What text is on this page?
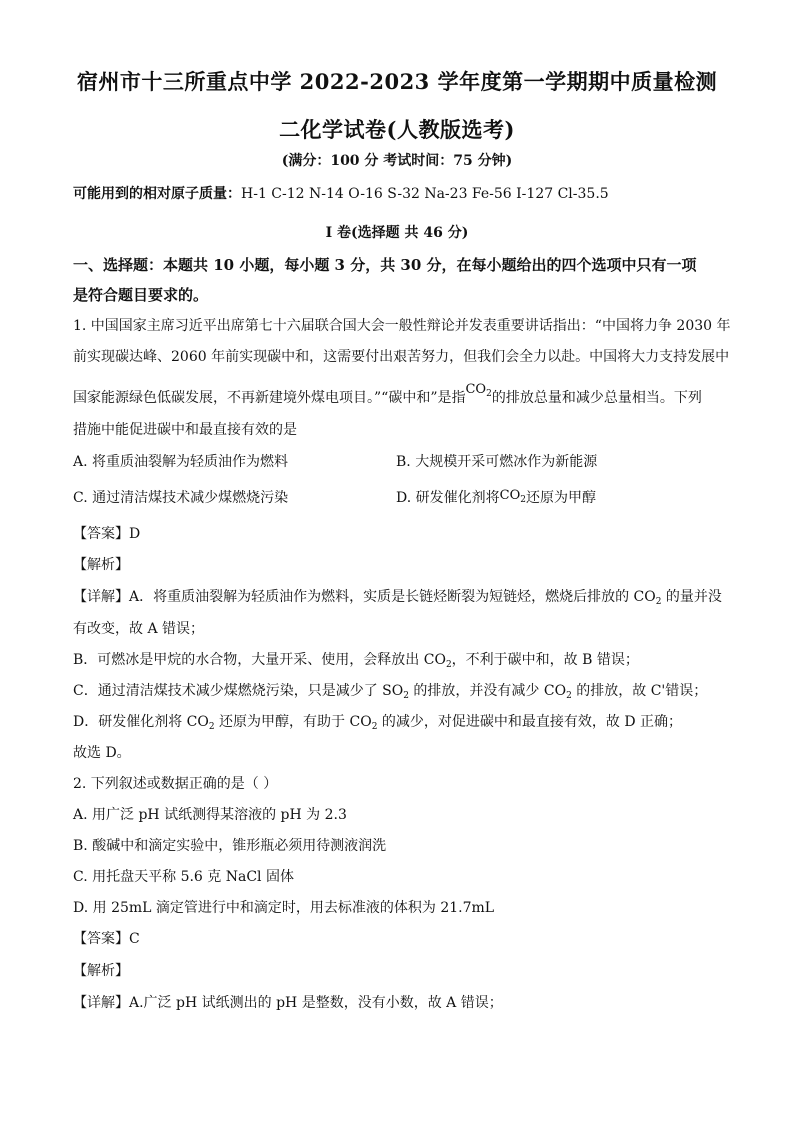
宿州市十三所重点中学 2022-2023 学年度第一学期期中质量检测
二化学试卷(人教版选考)
(满分：100 分 考试时间：75 分钟)
可能用到的相对原子质量：H-1 C-12 N-14 O-16 S-32 Na-23 Fe-56 I-127 Cl-35.5
I 卷(选择题 共 46 分)
一、选择题：本题共 10 小题，每小题 3 分，共 30 分，在每小题给出的四个选项中只有一项
是符合题目要求的。
1. 中国国家主席习近平出席第七十六届联合国大会一般性辩论并发表重要讲话指出：“中国将力争 2030 年
前实现碳达峰、2060 年前实现碳中和，这需要付出艰苦努力，但我们会全力以赴。中国将大力支持发展中
国家能源绿色低碳发展，不再新建境外煤电项目。”“碳中和”是指$CO_2$的排放总量和减少总量相当。下列
措施中能促进碳中和最直接有效的是
A. 将重质油裂解为轻质油作为燃料	B. 大规模开采可燃冰作为新能源
C. 通过清洁煤技术减少煤燃烧污染	D. 研发催化剂将$CO_2$还原为甲醇
【答案】D
【解析】
【详解】A．将重质油裂解为轻质油作为燃料，实质是长链烃断裂为短链烃，燃烧后排放的 $CO_2$ 的量并没
有改变，故 A 错误；
B．可燃冰是甲烷的水合物，大量开采、使用，会释放出 $CO_2$，不利于碳中和，故 B 错误；
C．通过清洁煤技术减少煤燃烧污染，只是减少了 $SO_2$ 的排放，并没有减少 $CO_2$ 的排放，故 C'错误；
D．研发催化剂将 $CO_2$ 还原为甲醇，有助于 $CO_2$ 的减少，对促进碳中和最直接有效，故 D 正确；
故选 D。
2. 下列叙述或数据正确的是（ ）
A. 用广泛 pH 试纸测得某溶液的 pH 为 2.3
B. 酸碱中和滴定实验中，锥形瓶必须用待测液润洗
C. 用托盘天平称 5.6 克 NaCl 固体
D. 用 25mL 滴定管进行中和滴定时，用去标准液的体积为 21.7mL
【答案】C
【解析】
【详解】A.广泛 pH 试纸测出的 pH 是整数，没有小数，故 A 错误；
